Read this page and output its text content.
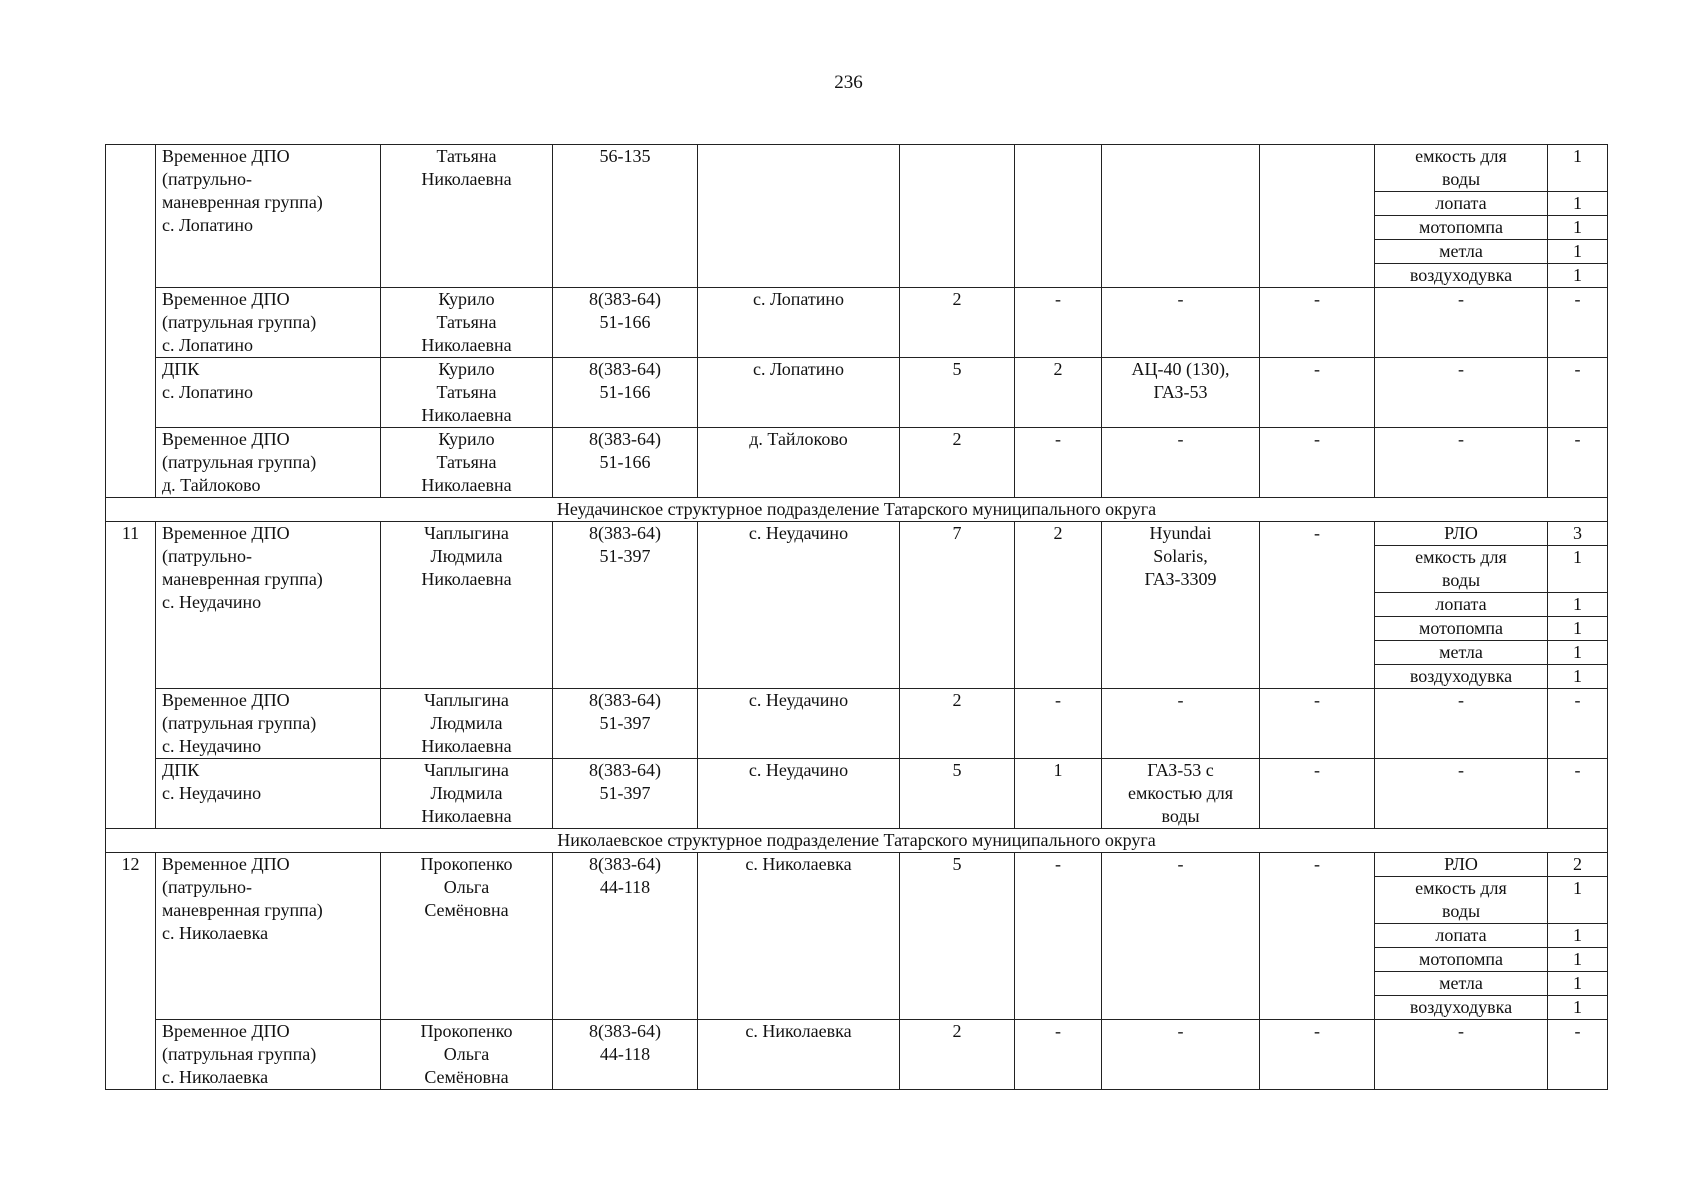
236
	Временное ДПО
(патрульно-
маневренная группа)
с. Лопатино	Татьяна
Николаевна	56-135						емкость для
воды	1
									лопата	1
									мотопомпа	1
									метла	1
									воздуходувка	1
	Временное ДПО
(патрульная группа)
с. Лопатино	Курило
Татьяна
Николаевна	8(383-64)
51-166	с. Лопатино	2	-	-	-	-	-
	ДПК
с. Лопатино	Курило
Татьяна
Николаевна	8(383-64)
51-166	с. Лопатино	5	2	АЦ-40 (130),
ГАЗ-53	-	-	-
	Временное ДПО
(патрульная группа)
д. Тайлоково	Курило
Татьяна
Николаевна	8(383-64)
51-166	д. Тайлоково	2	-	-	-	-	-
Неудачинское структурное подразделение Татарского муниципального округа										
11	Временное ДПО
(патрульно-
маневренная группа)
с. Неудачино	Чаплыгина
Людмила
Николаевна	8(383-64)
51-397	с. Неудачино	7	2	Hyundai
Solaris,
ГАЗ-3309	-	РЛО	3
									емкость для
воды	1
									лопата	1
									мотопомпа	1
									метла	1
									воздуходувка	1
	Временное ДПО
(патрульная группа)
с. Неудачино	Чаплыгина
Людмила
Николаевна	8(383-64)
51-397	с. Неудачино	2	-	-	-	-	-
	ДПК
с. Неудачино	Чаплыгина
Людмила
Николаевна	8(383-64)
51-397	с. Неудачино	5	1	ГАЗ-53 с
емкостью для
воды	-	-	-
Николаевское структурное подразделение Татарского муниципального округа										
12	Временное ДПО
(патрульно-
маневренная группа)
с. Николаевка	Прокопенко
Ольга
Семёновна	8(383-64)
44-118	с. Николаевка	5	-	-	-	РЛО	2
									емкость для
воды	1
									лопата	1
									мотопомпа	1
									метла	1
									воздуходувка	1
	Временное ДПО
(патрульная группа)
с. Николаевка	Прокопенко
Ольга
Семёновна	8(383-64)
44-118	с. Николаевка	2	-	-	-	-	-
